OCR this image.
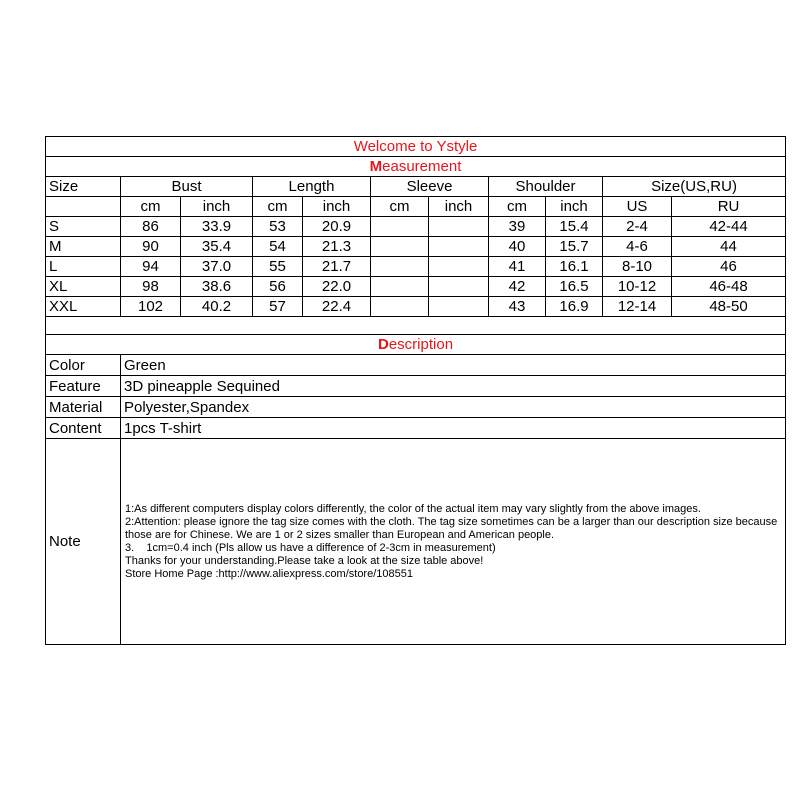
Welcome to Ystyle										
Measurement										
Size	Bust		Length		Sleeve		Shoulder		Size(US,RU)	
	cm	inch	cm	inch	cm	inch	cm	inch	US	RU
S	86	33.9	53	20.9			39	15.4	2-4	42-44
M	90	35.4	54	21.3			40	15.7	4-6	44
L	94	37.0	55	21.7			41	16.1	8-10	46
XL	98	38.6	56	22.0			42	16.5	10-12	46-48
XXL	102	40.2	57	22.4			43	16.9	12-14	48-50

Description										
Color	Green									
Feature	3D pineapple Sequined									
Material	Polyester,Spandex									
Content	1pcs T-shirt									
Note	1:As different computers display colors differently, the color of the actual item may vary slightly from the above images.
2:Attention: please ignore the tag size comes with the cloth. The tag size sometimes can be a larger than our description size because those are for Chinese. We are 1 or 2 sizes smaller than European and American people.
3.    1cm=0.4 inch (Pls allow us have a difference of 2-3cm in measurement)
Thanks for your understanding.Please take a look at the size table above!
Store Home Page :http://www.aliexpress.com/store/108551									
